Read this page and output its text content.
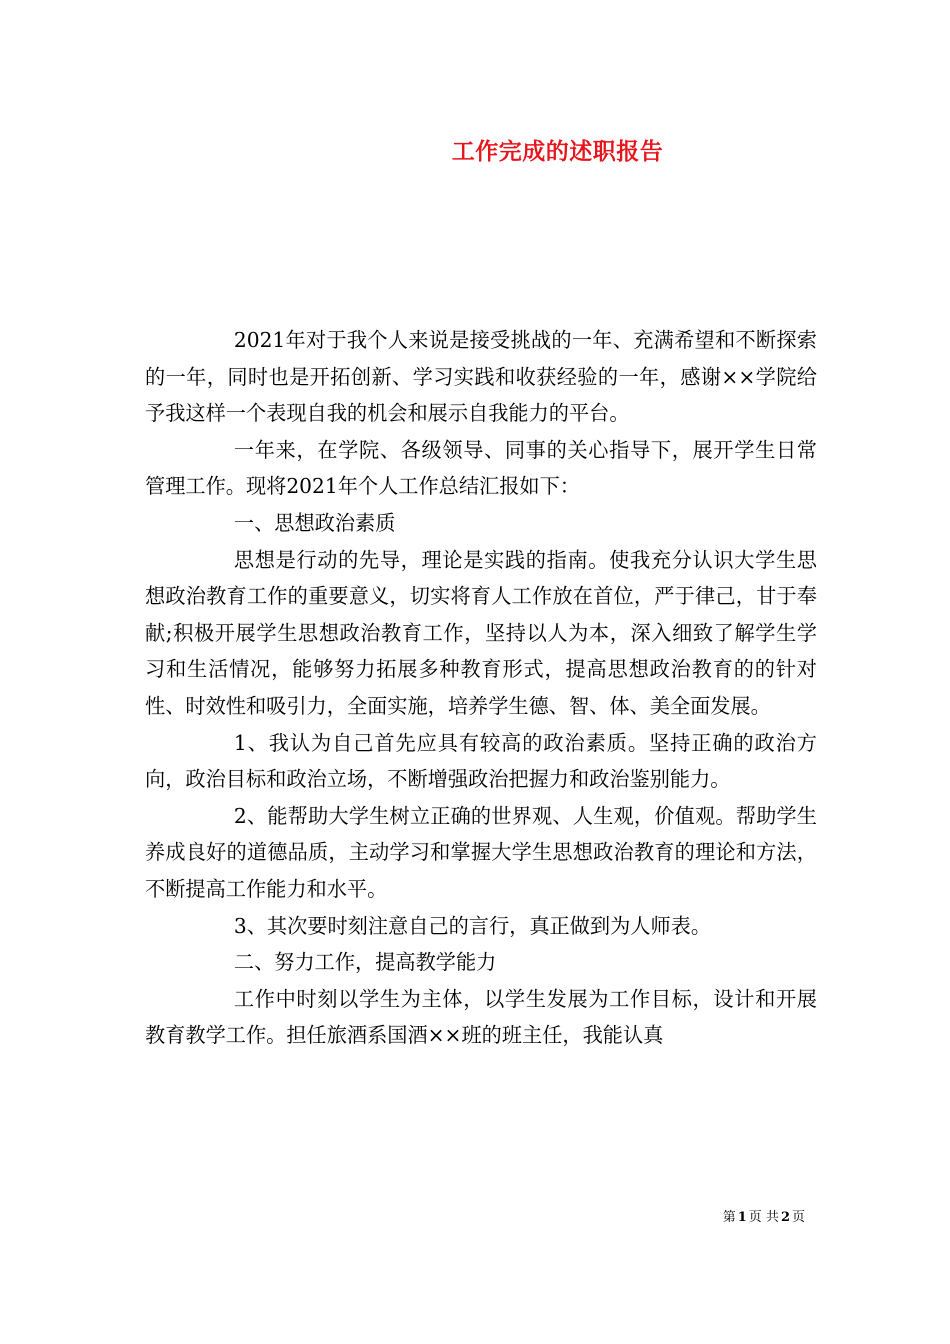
工作完成的述职报告

2021年对于我个人来说是接受挑战的一年、充满希望和不断探索的一年，同时也是开拓创新、学习实践和收获经验的一年，感谢××学院给予我这样一个表现自我的机会和展示自我能力的平台。

一年来，在学院、各级领导、同事的关心指导下，展开学生日常管理工作。现将2021年个人工作总结汇报如下：

一、思想政治素质

思想是行动的先导，理论是实践的指南。使我充分认识大学生思想政治教育工作的重要意义，切实将育人工作放在首位，严于律己，甘于奉献;积极开展学生思想政治教育工作，坚持以人为本，深入细致了解学生学习和生活情况，能够努力拓展多种教育形式，提高思想政治教育的的针对性、时效性和吸引力，全面实施，培养学生德、智、体、美全面发展。

1、我认为自己首先应具有较高的政治素质。坚持正确的政治方向，政治目标和政治立场，不断增强政治把握力和政治鉴别能力。

2、能帮助大学生树立正确的世界观、人生观，价值观。帮助学生养成良好的道德品质，主动学习和掌握大学生思想政治教育的理论和方法，不断提高工作能力和水平。

3、其次要时刻注意自己的言行，真正做到为人师表。

二、努力工作，提高教学能力

工作中时刻以学生为主体，以学生发展为工作目标，设计和开展教育教学工作。担任旅酒系国酒××班的班主任，我能认真

第 1 页 共 2 页
